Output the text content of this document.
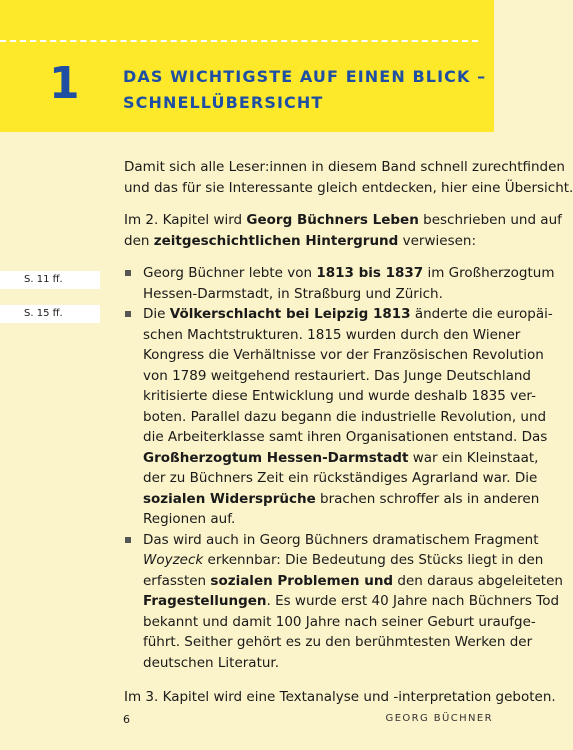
1	DAS WICHTIGSTE AUF EINEN BLICK –
SCHNELLÜBERSICHT
S. 11 ff.
S. 15 ff.

Damit sich alle Leser:innen in diesem Band schnell zurechtfinden
und das für sie Interessante gleich entdecken, hier eine Übersicht.

Im 2. Kapitel wird Georg Büchners Leben beschrieben und auf
den zeitgeschichtlichen Hintergrund verwiesen:

Georg Büchner lebte von 1813 bis 1837 im Großherzogtum
Hessen-Darmstadt, in Straßburg und Zürich.
Die Völkerschlacht bei Leipzig 1813 änderte die europäi-
schen Machtstrukturen. 1815 wurden durch den Wiener
Kongress die Verhältnisse vor der Französischen Revolution
von 1789 weitgehend restauriert. Das Junge Deutschland
kritisierte diese Entwicklung und wurde deshalb 1835 ver-
boten. Parallel dazu begann die industrielle Revolution, und
die Arbeiterklasse samt ihren Organisationen entstand. Das
Großherzogtum Hessen-Darmstadt war ein Kleinstaat,
der zu Büchners Zeit ein rückständiges Agrarland war. Die
sozialen Widersprüche brachen schroffer als in anderen
Regionen auf.
Das wird auch in Georg Büchners dramatischem Fragment
Woyzeck erkennbar: Die Bedeutung des Stücks liegt in den
erfassten sozialen Problemen und den daraus abgeleiteten
Fragestellungen. Es wurde erst 40 Jahre nach Büchners Tod
bekannt und damit 100 Jahre nach seiner Geburt uraufge-
führt. Seither gehört es zu den berühmtesten Werken der
deutschen Literatur.

Im 3. Kapitel wird eine Textanalyse und -interpretation geboten.

6	GEORG BÜCHNER
